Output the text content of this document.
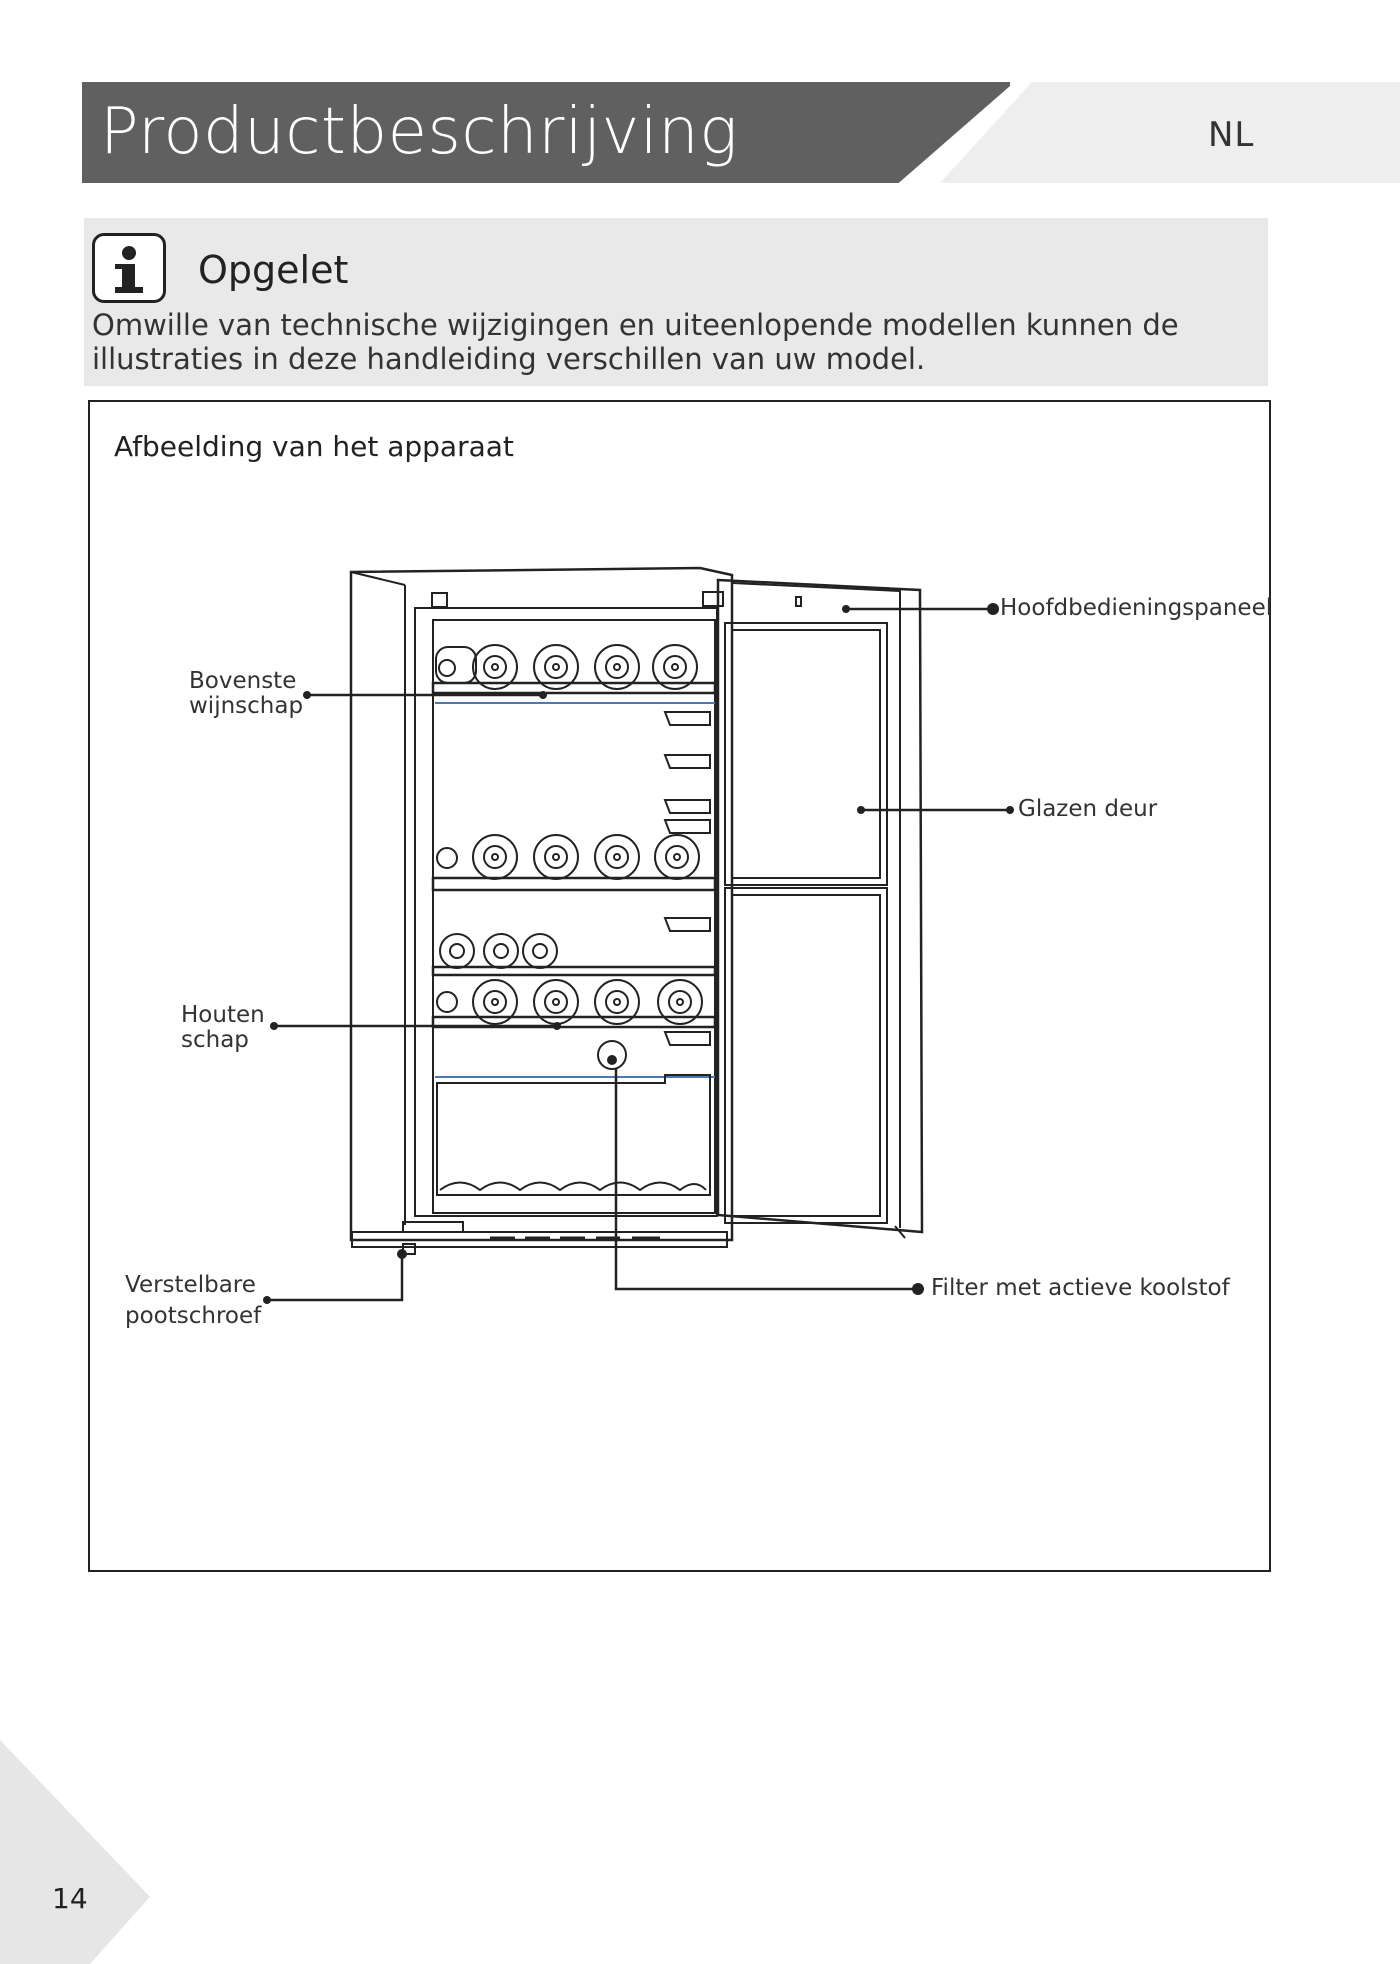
Productbeschrijving	NL
Opgelet
Omwille van technische wijzigingen en uiteenlopende modellen kunnen de illustraties in deze handleiding verschillen van uw model.
Afbeelding van het apparaat
Bovenste
wijnschap
Houten
schap
Verstelbare
pootschroef
Hoofdbedieningspaneel
Glazen deur
Filter met actieve koolstof
14
